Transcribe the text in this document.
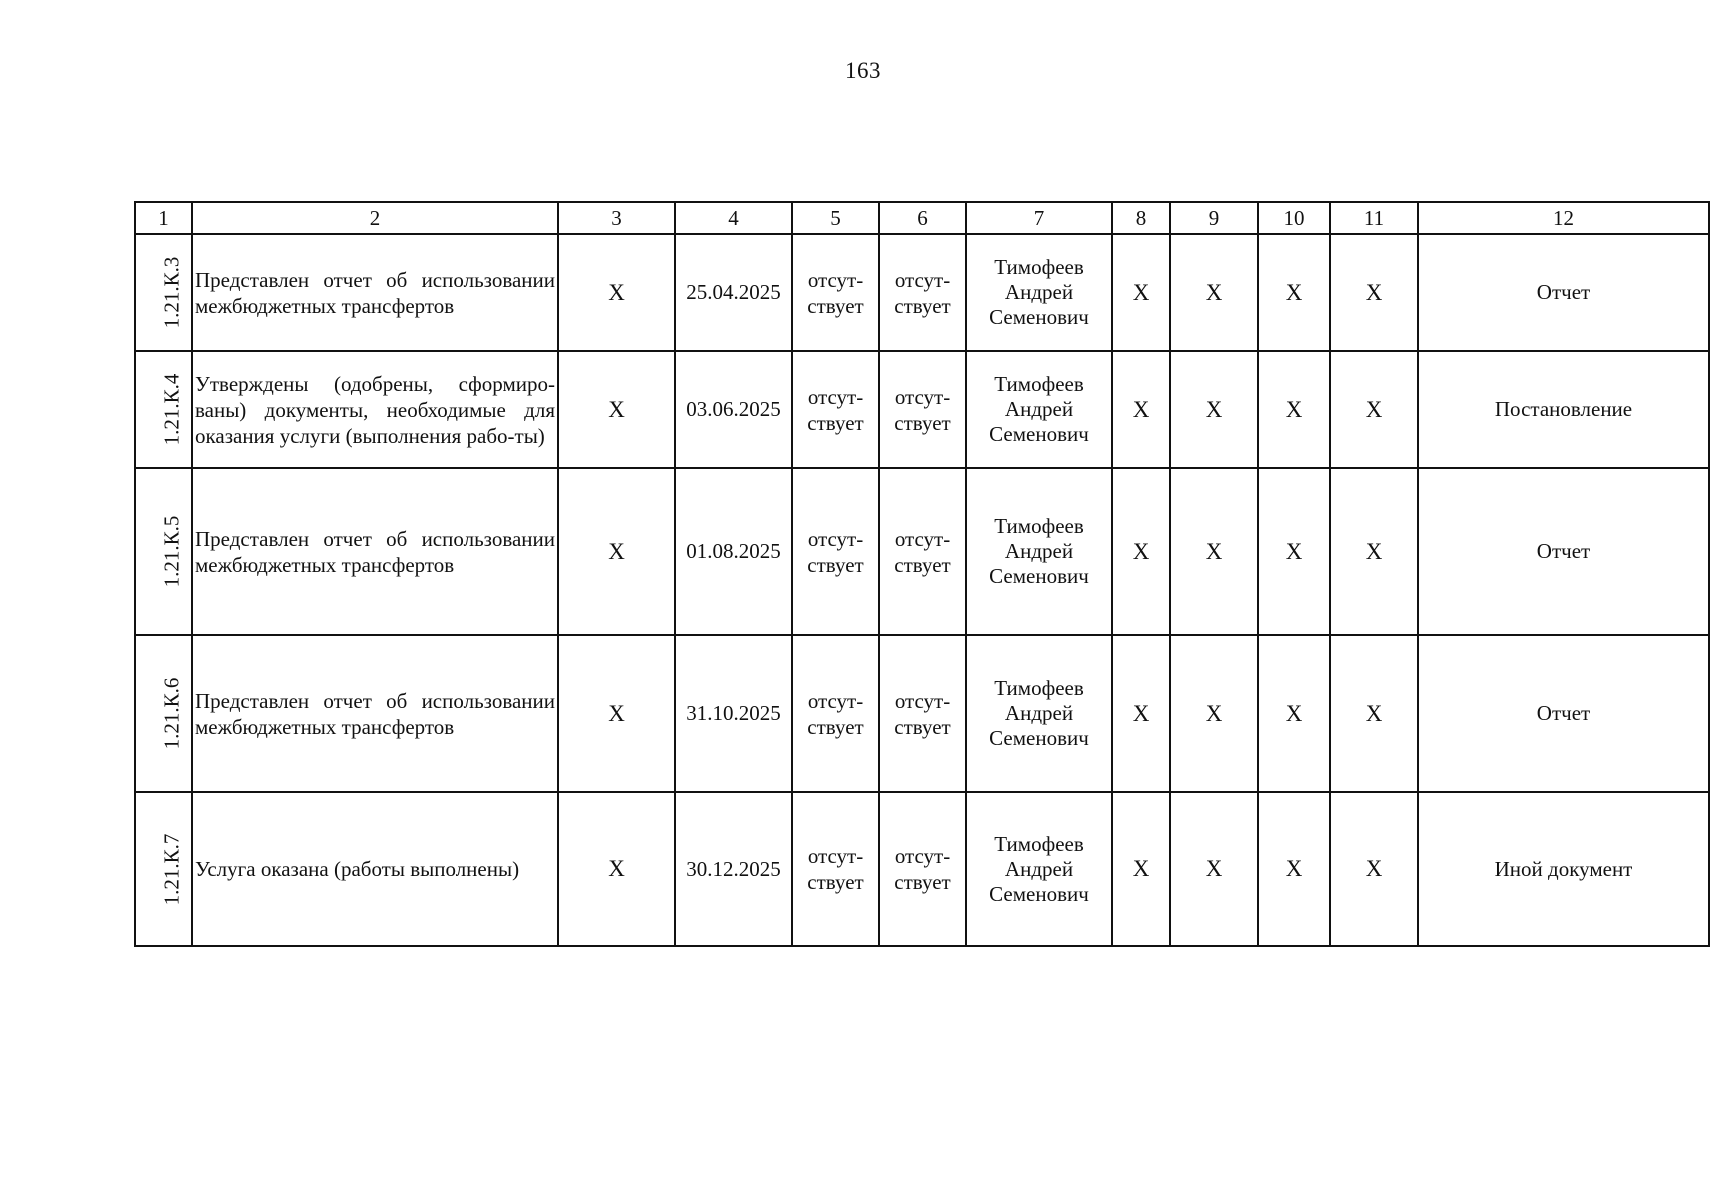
163
1	2	3	4	5	6	7	8	9	10	11	12
1.21.К.3	Представлен отчет об использовании межбюджетных трансфертов	X	25.04.2025	отсут-
ствует	отсут-
ствует	Тимофеев
Андрей
Семенович	X	X	X	X	Отчет
1.21.К.4	Утверждены (одобрены, сформиро-ваны) документы, необходимые для оказания услуги (выполнения рабо-ты)	X	03.06.2025	отсут-
ствует	отсут-
ствует	Тимофеев
Андрей
Семенович	X	X	X	X	Постановление
1.21.К.5	Представлен отчет об использовании межбюджетных трансфертов	X	01.08.2025	отсут-
ствует	отсут-
ствует	Тимофеев
Андрей
Семенович	X	X	X	X	Отчет
1.21.К.6	Представлен отчет об использовании межбюджетных трансфертов	X	31.10.2025	отсут-
ствует	отсут-
ствует	Тимофеев
Андрей
Семенович	X	X	X	X	Отчет
1.21.К.7	Услуга оказана (работы выполнены)	X	30.12.2025	отсут-
ствует	отсут-
ствует	Тимофеев
Андрей
Семенович	X	X	X	X	Иной документ
